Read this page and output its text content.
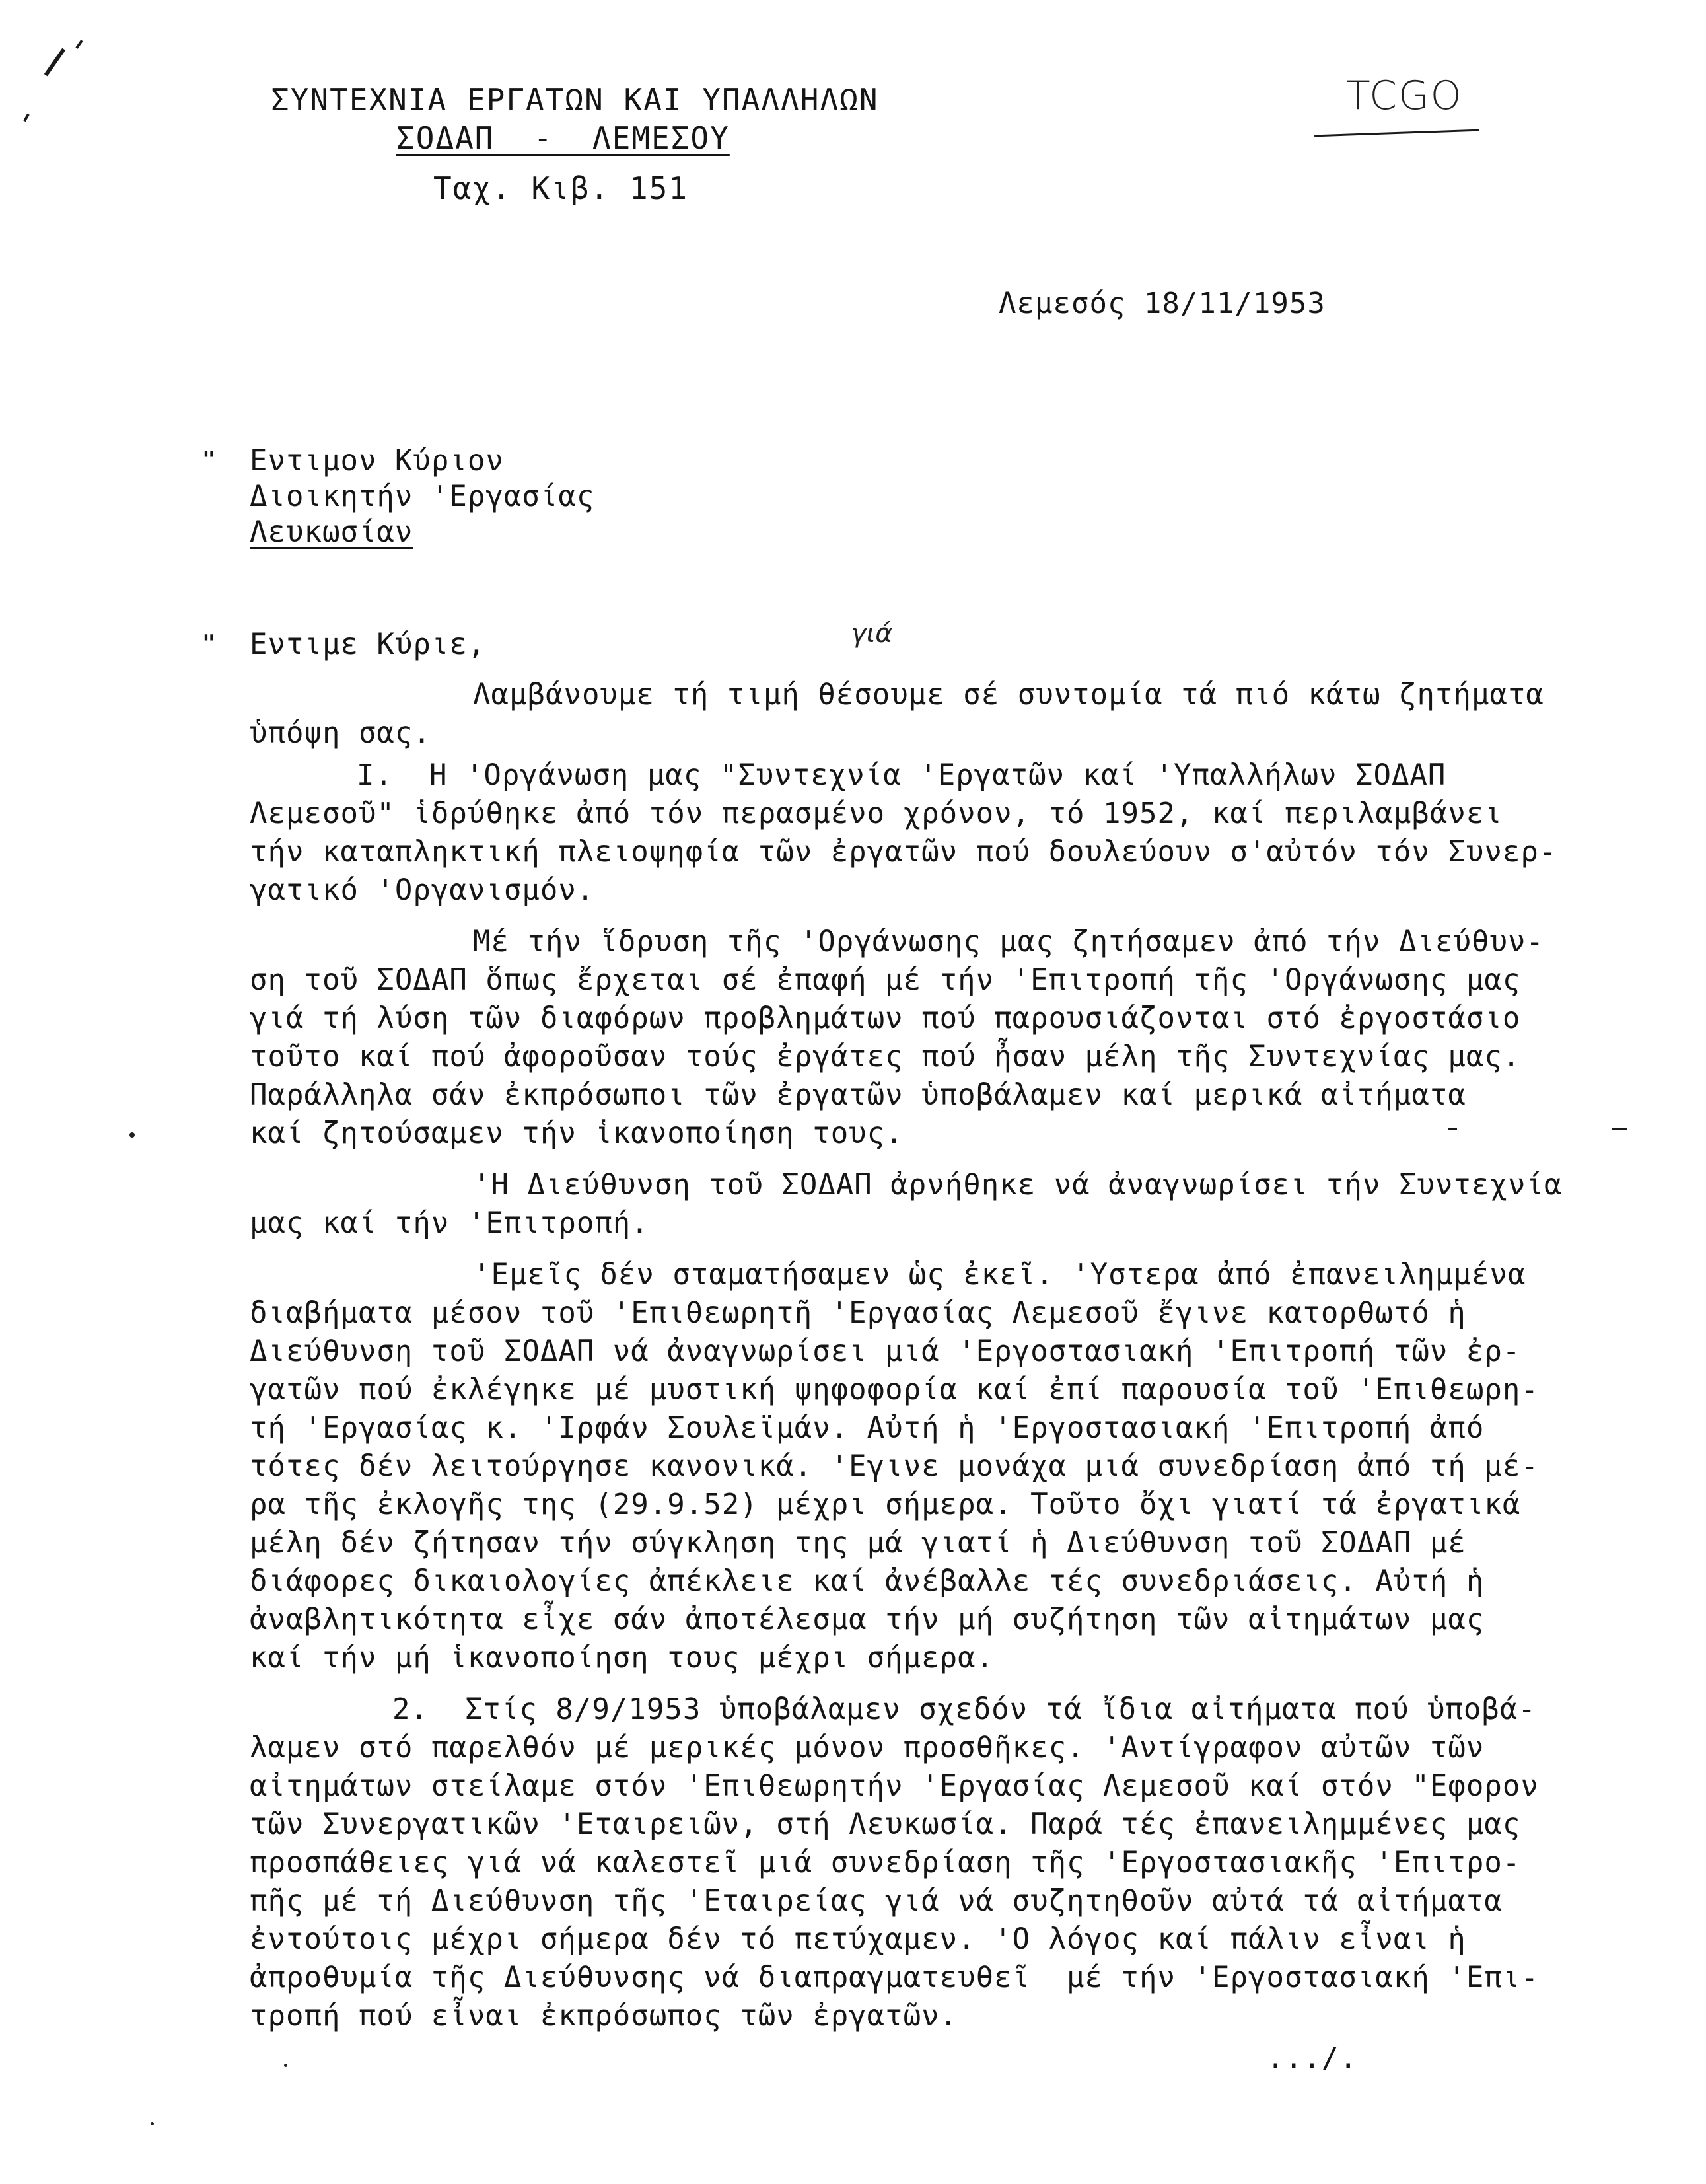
ΣΥΝΤΕΧΝΙΑ ΕΡΓΑΤΩΝ ΚΑΙ ΥΠΑΛΛΗΛΩΝ
ΣΟΔΑΠ  -  ΛΕΜΕΣΟΥ
Ταχ. Κιβ. 151
TCGO
Λεμεσός 18/11/1953
" Εντιμον Κύριον
Διοικητήν 'Εργασίας
Λευκωσίαν
" Εντιμε Κύριε,	γιά
Λαμβάνουμε τή τιμή θέσουμε σέ συντομία τά πιό κάτω ζητήματα
ὑπόψη σας.
I.  Η 'Οργάνωση μας "Συντεχνία 'Εργατῶν καί 'Υπαλλήλων ΣΟΔΑΠ
Λεμεσοῦ" ἱδρύθηκε ἀπό τόν περασμένο χρόνον, τό 1952, καί περιλαμβάνει
τήν καταπληκτική πλειοψηφία τῶν ἐργατῶν πού δουλεύουν σ'αὐτόν τόν Συνερ-
γατικό 'Οργανισμόν.
Μέ τήν ἵδρυση τῆς 'Οργάνωσης μας ζητήσαμεν ἀπό τήν Διεύθυν-
ση τοῦ ΣΟΔΑΠ ὅπως ἔρχεται σέ ἐπαφή μέ τήν 'Επιτροπή τῆς 'Οργάνωσης μας
γιά τή λύση τῶν διαφόρων προβλημάτων πού παρουσιάζονται στό ἐργοστάσιο
τοῦτο καί πού ἀφοροῦσαν τούς ἐργάτες πού ἦσαν μέλη τῆς Συντεχνίας μας.
Παράλληλα σάν ἐκπρόσωποι τῶν ἐργατῶν ὑποβάλαμεν καί μερικά αἰτήματα
καί ζητούσαμεν τήν ἱκανοποίηση τους.
'Η Διεύθυνση τοῦ ΣΟΔΑΠ ἀρνήθηκε νά ἀναγνωρίσει τήν Συντεχνία
μας καί τήν 'Επιτροπή.
'Εμεῖς δέν σταματήσαμεν ὡς ἐκεῖ. 'Υστερα ἀπό ἐπανειλημμένα
διαβήματα μέσον τοῦ 'Επιθεωρητῆ 'Εργασίας Λεμεσοῦ ἔγινε κατορθωτό ἡ
Διεύθυνση τοῦ ΣΟΔΑΠ νά ἀναγνωρίσει μιά 'Εργοστασιακή 'Επιτροπή τῶν ἐρ-
γατῶν πού ἐκλέγηκε μέ μυστική ψηφοφορία καί ἐπί παρουσία τοῦ 'Επιθεωρη-
τή 'Εργασίας κ. 'Ιρφάν Σουλεϊμάν. Αὐτή ἡ 'Εργοστασιακή 'Επιτροπή ἀπό
τότες δέν λειτούργησε κανονικά. 'Εγινε μονάχα μιά συνεδρίαση ἀπό τή μέ-
ρα τῆς ἐκλογῆς της (29.9.52) μέχρι σήμερα. Τοῦτο ὄχι γιατί τά ἐργατικά
μέλη δέν ζήτησαν τήν σύγκληση της μά γιατί ἡ Διεύθυνση τοῦ ΣΟΔΑΠ μέ
διάφορες δικαιολογίες ἀπέκλειε καί ἀνέβαλλε τές συνεδριάσεις. Αὐτή ἡ
ἀναβλητικότητα εἶχε σάν ἀποτέλεσμα τήν μή συζήτηση τῶν αἰτημάτων μας
καί τήν μή ἱκανοποίηση τους μέχρι σήμερα.
2.  Στίς 8/9/1953 ὑποβάλαμεν σχεδόν τά ἴδια αἰτήματα πού ὑποβά-
λαμεν στό παρελθόν μέ μερικές μόνον προσθῆκες. 'Αντίγραφον αὐτῶν τῶν
αἰτημάτων στείλαμε στόν 'Επιθεωρητήν 'Εργασίας Λεμεσοῦ καί στόν "Εφορον
τῶν Συνεργατικῶν 'Εταιρειῶν, στή Λευκωσία. Παρά τές ἐπανειλημμένες μας
προσπάθειες γιά νά καλεστεῖ μιά συνεδρίαση τῆς 'Εργοστασιακῆς 'Επιτρο-
πῆς μέ τή Διεύθυνση τῆς 'Εταιρείας γιά νά συζητηθοῦν αὐτά τά αἰτήματα
ἐντούτοις μέχρι σήμερα δέν τό πετύχαμεν. 'Ο λόγος καί πάλιν εἶναι ἡ
ἀπροθυμία τῆς Διεύθυνσης νά διαπραγματευθεῖ  μέ τήν 'Εργοστασιακή 'Επι-
τροπή πού εἶναι ἐκπρόσωπος τῶν ἐργατῶν.
.../.
